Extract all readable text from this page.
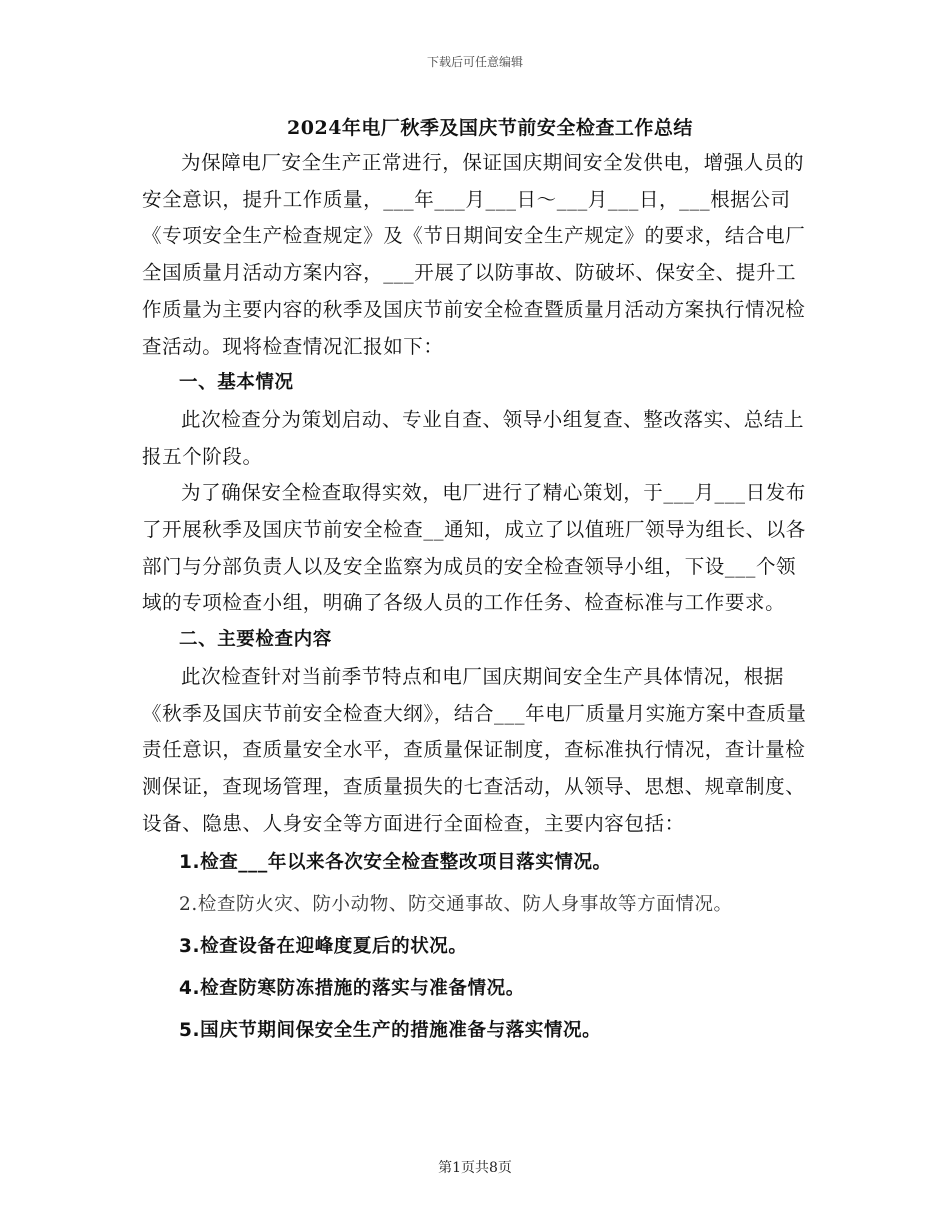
下载后可任意编辑
2024年电厂秋季及国庆节前安全检查工作总结

为保障电厂安全生产正常进行，保证国庆期间安全发供电，增强人员的安全意识，提升工作质量，___年___月___日～___月___日，___根据公司《专项安全生产检查规定》及《节日期间安全生产规定》的要求，结合电厂全国质量月活动方案内容，___开展了以防事故、防破坏、保安全、提升工作质量为主要内容的秋季及国庆节前安全检查暨质量月活动方案执行情况检查活动。现将检查情况汇报如下：

一、基本情况

此次检查分为策划启动、专业自查、领导小组复查、整改落实、总结上报五个阶段。

为了确保安全检查取得实效，电厂进行了精心策划，于___月___日发布了开展秋季及国庆节前安全检查__通知，成立了以值班厂领导为组长、以各部门与分部负责人以及安全监察为成员的安全检查领导小组，下设___个领域的专项检查小组，明确了各级人员的工作任务、检查标准与工作要求。

二、主要检查内容

此次检查针对当前季节特点和电厂国庆期间安全生产具体情况，根据《秋季及国庆节前安全检查大纲》，结合___年电厂质量月实施方案中查质量责任意识，查质量安全水平，查质量保证制度，查标准执行情况，查计量检测保证，查现场管理，查质量损失的七查活动，从领导、思想、规章制度、设备、隐患、人身安全等方面进行全面检查，主要内容包括：

1.检查___年以来各次安全检查整改项目落实情况。

2.检查防火灾、防小动物、防交通事故、防人身事故等方面情况。

3.检查设备在迎峰度夏后的状况。

4.检查防寒防冻措施的落实与准备情况。

5.国庆节期间保安全生产的措施准备与落实情况。

第1页共8页
